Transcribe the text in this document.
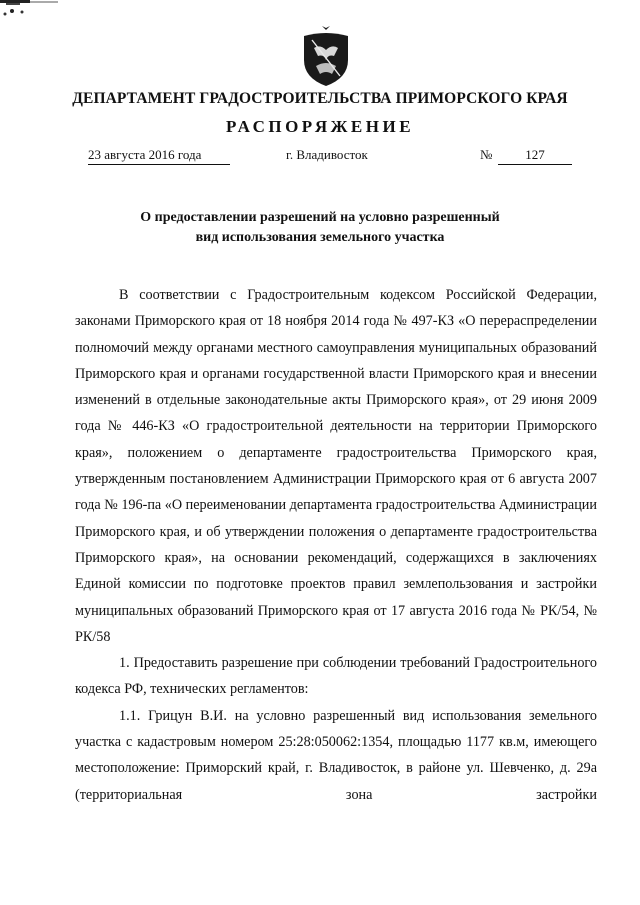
ДЕПАРТАМЕНТ ГРАДОСТРОИТЕЛЬСТВА ПРИМОРСКОГО КРАЯ
РАСПОРЯЖЕНИЕ
23 августа 2016 года	г. Владивосток	№	127
О предоставлении разрешений на условно разрешенный
вид использования земельного участка

В соответствии с Градостроительным кодексом Российской Федерации, законами Приморского края от 18 ноября 2014 года № 497-КЗ «О перераспределении полномочий между органами местного самоуправления муниципальных образований Приморского края и органами государственной власти Приморского края и внесении изменений в отдельные законодательные акты Приморского края», от 29 июня 2009 года № 446-КЗ «О градостроительной деятельности на территории Приморского края», положением о департаменте градостроительства Приморского края, утвержденным постановлением Администрации Приморского края от 6 августа 2007 года № 196-па «О переименовании департамента градостроительства Администрации Приморского края, и об утверждении положения о департаменте градостроительства Приморского края», на основании рекомендаций, содержащихся в заключениях Единой комиссии по подготовке проектов правил землепользования и застройки муниципальных образований Приморского края от 17 августа 2016 года № РК/54, № РК/58

1. Предоставить разрешение при соблюдении требований Градостроительного кодекса РФ, технических регламентов:

1.1. Грицун В.И. на условно разрешенный вид использования земельного участка с кадастровым номером 25:28:050062:1354, площадью 1177 кв.м, имеющего местоположение: Приморский край, г. Владивосток, в районе ул. Шевченко, д. 29а (территориальная зона застройки
